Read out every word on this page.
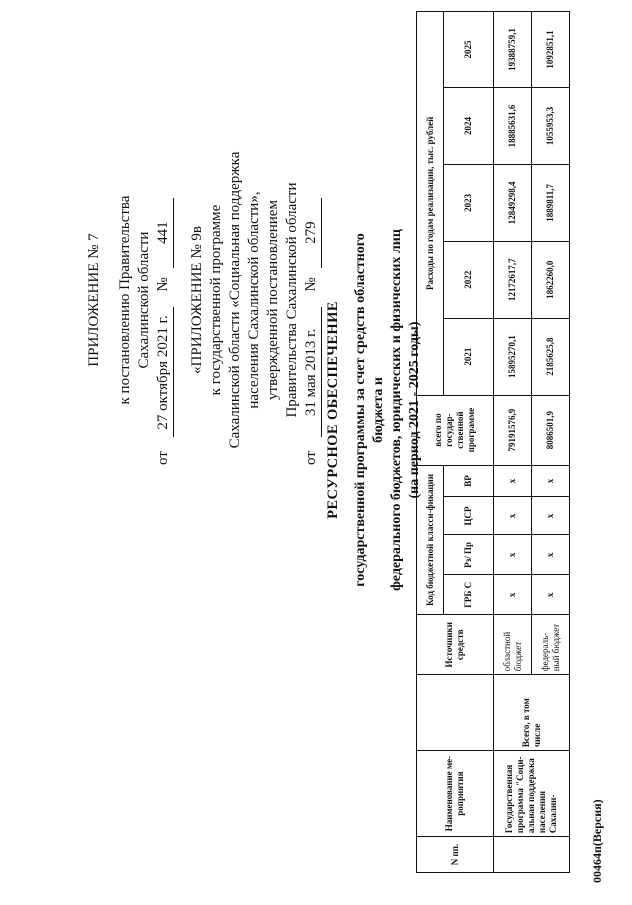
ПРИЛОЖЕНИЕ № 7 к постановлению Правительства Сахалинской области
от 27 октября 2021 г. № 441 «ПРИЛОЖЕНИЕ № 9в к государственной программе Сахалинской области «Социальная поддержка населения Сахалинской области», утвержденной постановлением Правительства Сахалинской области
от 31 мая 2013 г. № 279
РЕСУРСНОЕ ОБЕСПЕЧЕНИЕ государственной программы за счет средств областного бюджета и федерального бюджетов, юридических и физических лиц (на период 2021 - 2025 годы)
N пп.	Наименование ме-роприятия		Источники средств	Код бюджетной класси-фикации				всего по государ-ственной программе	Расходы по годам реализации, тыс. рублей				
				ГРБ С	Рз/ Пр	ЦСР	ВР		2021	2022	2023	2024	2025
	Государственная программа "Соци-альная поддержка населения Сахалин-	Всего, в том числе	областной бюджет	х	х	х	х	79191576,9	15895270,1	12172617,7	12849298,4	18885631,6	19388759,1
			федераль-ный бюджет	х	х	х	х	8086501,9	2185625,8	1862260,0	1889811,7	1055953,3	1092851,1
00464п(Версия)
